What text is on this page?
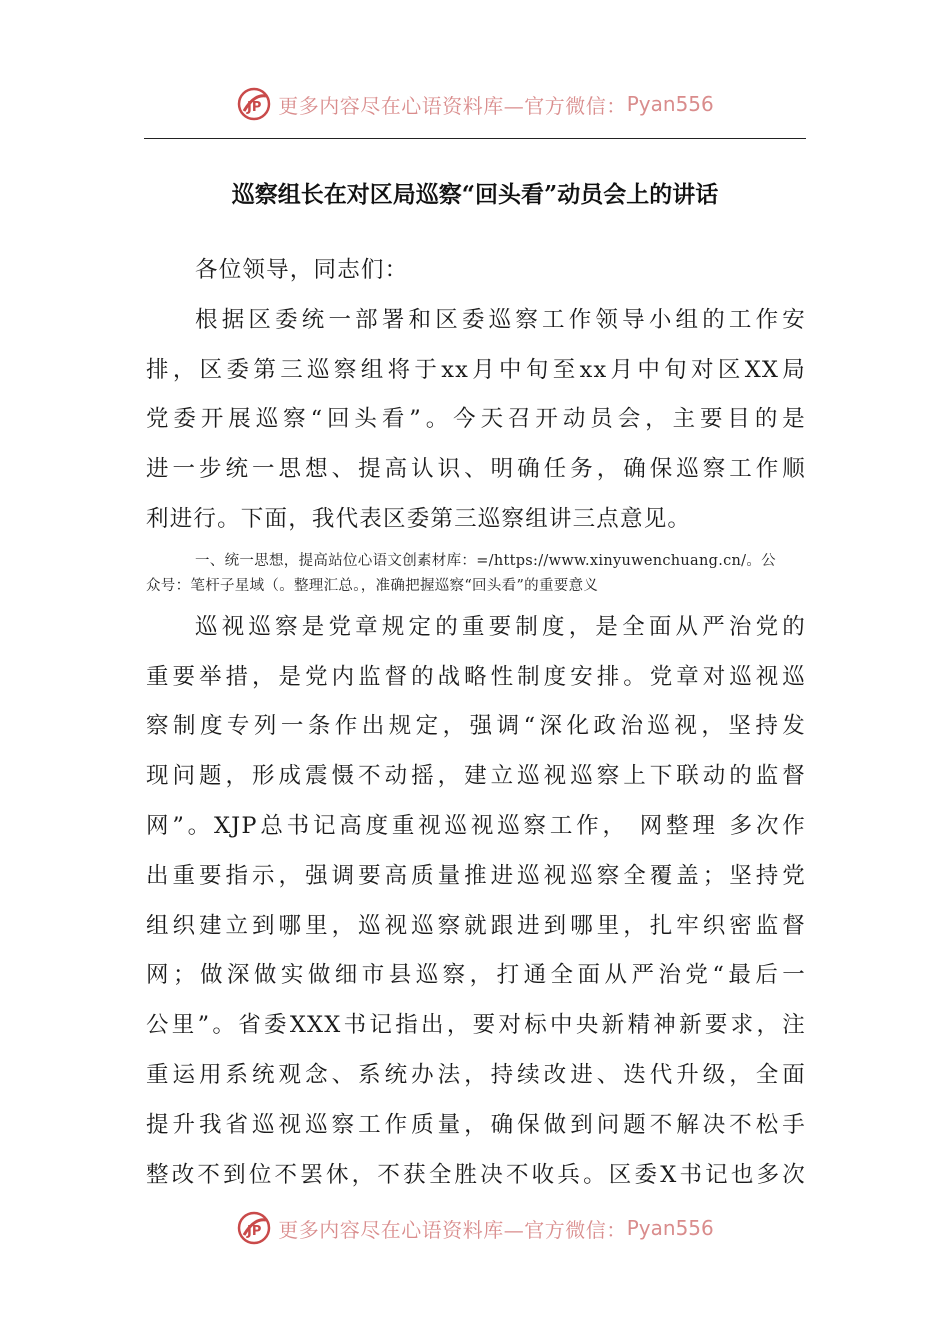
JP 更多内容尽在心语资料库—官方微信： Pyan556
巡察组长在对区局巡察“回头看”动员会上的讲话
各位领导，同志们：
根据区委统一部署和区委巡察工作领导小组的工作安
排，区委第三巡察组将于xx月中旬至xx月中旬对区XX局
党委开展巡察“回头看”。今天召开动员会，主要目的是
进一步统一思想、提高认识、明确任务，确保巡察工作顺
利进行。下面，我代表区委第三巡察组讲三点意见。
一、统一思想，提高站位心语文创素材库：=/https://www.xinyuwenchuang.cn/。公
众号：笔杆子星域（。整理汇总。，准确把握巡察“回头看”的重要意义
巡视巡察是党章规定的重要制度，是全面从严治党的
重要举措，是党内监督的战略性制度安排。党章对巡视巡
察制度专列一条作出规定，强调“深化政治巡视，坚持发
现问题，形成震慑不动摇，建立巡视巡察上下联动的监督
网”。XJP总书记高度重视巡视巡察工作， 网整理 多次作
出重要指示，强调要高质量推进巡视巡察全覆盖；坚持党
组织建立到哪里，巡视巡察就跟进到哪里，扎牢织密监督
网；做深做实做细市县巡察，打通全面从严治党“最后一
公里”。省委XXX书记指出，要对标中央新精神新要求，注
重运用系统观念、系统办法，持续改进、迭代升级，全面
提升我省巡视巡察工作质量，确保做到问题不解决不松手
整改不到位不罢休，不获全胜决不收兵。区委X书记也多次
JP 更多内容尽在心语资料库—官方微信： Pyan556
